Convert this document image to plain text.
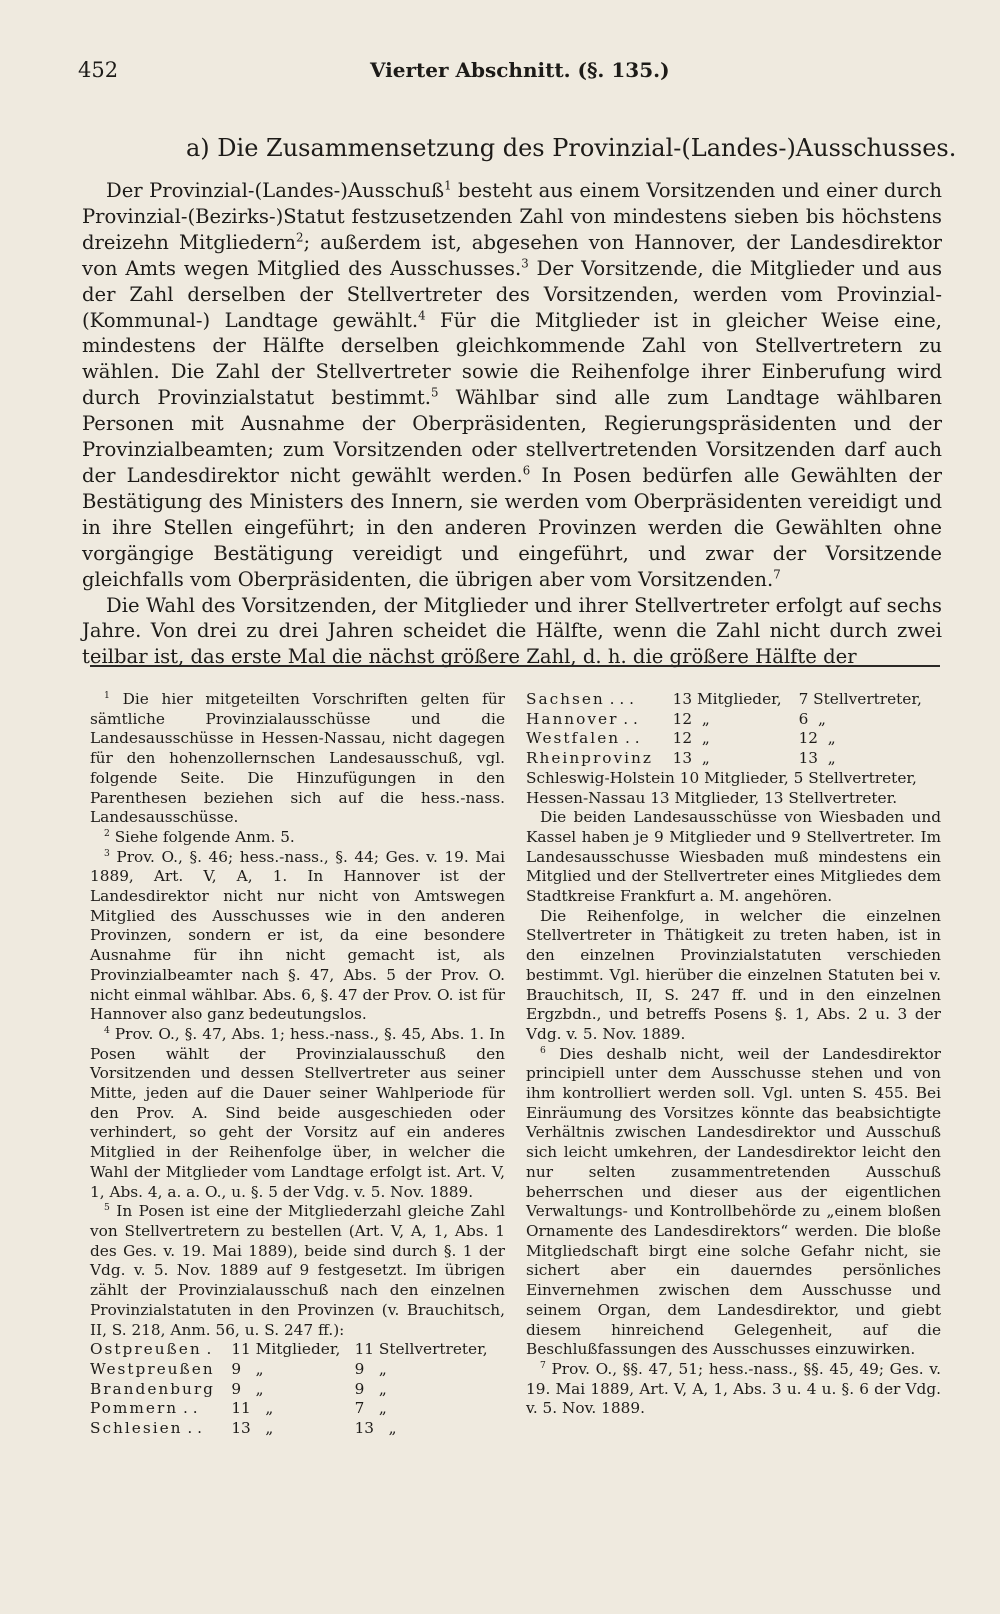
452	Vierter Abschnitt. (§. 135.)
a) Die Zusammensetzung des Provinzial-(Landes-)Ausschusses.

Der Provinzial-(Landes-)Ausschuß$^1$ besteht aus einem Vorsitzenden und einer durch Provinzial-(Bezirks-)Statut festzusetzenden Zahl von mindestens sieben bis höchstens dreizehn Mitgliedern$^2$; außerdem ist, abgesehen von Hannover, der Landesdirektor von Amts wegen Mitglied des Ausschusses.$^3$ Der Vorsitzende, die Mitglieder und aus der Zahl derselben der Stellvertreter des Vorsitzenden, werden vom Provinzial-(Kommunal-) Landtage gewählt.$^4$ Für die Mitglieder ist in gleicher Weise eine, mindestens der Hälfte derselben gleichkommende Zahl von Stellvertretern zu wählen. Die Zahl der Stellvertreter sowie die Reihenfolge ihrer Einberufung wird durch Provinzialstatut bestimmt.$^5$ Wählbar sind alle zum Landtage wählbaren Personen mit Ausnahme der Oberpräsidenten, Regierungspräsidenten und der Provinzialbeamten; zum Vorsitzenden oder stellvertretenden Vorsitzenden darf auch der Landesdirektor nicht gewählt werden.$^6$ In Posen bedürfen alle Gewählten der Bestätigung des Ministers des Innern, sie werden vom Oberpräsidenten vereidigt und in ihre Stellen eingeführt; in den anderen Provinzen werden die Gewählten ohne vorgängige Bestätigung vereidigt und eingeführt, und zwar der Vorsitzende gleichfalls vom Oberpräsidenten, die übrigen aber vom Vorsitzenden.$^7$

Die Wahl des Vorsitzenden, der Mitglieder und ihrer Stellvertreter erfolgt auf sechs Jahre. Von drei zu drei Jahren scheidet die Hälfte, wenn die Zahl nicht durch zwei teilbar ist, das erste Mal die nächst größere Zahl, d. h. die größere Hälfte der

$^1$ Die hier mitgeteilten Vorschriften gelten für sämtliche Provinzialausschüsse und die Landesausschüsse in Hessen-Nassau, nicht dagegen für den hohenzollernschen Landesausschuß, vgl. folgende Seite. Die Hinzufügungen in den Parenthesen beziehen sich auf die hess.-nass. Landesausschüsse.

$^2$ Siehe folgende Anm. 5.

$^3$ Prov. O., §. 46; hess.-nass., §. 44; Ges. v. 19. Mai 1889, Art. V, A, 1. In Hannover ist der Landesdirektor nicht nur nicht von Amtswegen Mitglied des Ausschusses wie in den anderen Provinzen, sondern er ist, da eine besondere Ausnahme für ihn nicht gemacht ist, als Provinzialbeamter nach §. 47, Abs. 5 der Prov. O. nicht einmal wählbar. Abs. 6, §. 47 der Prov. O. ist für Hannover also ganz bedeutungslos.

$^4$ Prov. O., §. 47, Abs. 1; hess.-nass., §. 45, Abs. 1. In Posen wählt der Provinzialausschuß den Vorsitzenden und dessen Stellvertreter aus seiner Mitte, jeden auf die Dauer seiner Wahlperiode für den Prov. A. Sind beide ausgeschieden oder verhindert, so geht der Vorsitz auf ein anderes Mitglied in der Reihenfolge über, in welcher die Wahl der Mitglieder vom Landtage erfolgt ist. Art. V, 1, Abs. 4, a. a. O., u. §. 5 der Vdg. v. 5. Nov. 1889.

$^5$ In Posen ist eine der Mitgliederzahl gleiche Zahl von Stellvertretern zu bestellen (Art. V, A, 1, Abs. 1 des Ges. v. 19. Mai 1889), beide sind durch §. 1 der Vdg. v. 5. Nov. 1889 auf 9 festgesetzt. Im übrigen zählt der Provinzialausschuß nach den einzelnen Provinzialstatuten in den Provinzen (v. Brauchitsch, II, S. 218, Anm. 56, u. S. 247 ff.):

Ostpreußen .	11 Mitglieder,	11 Stellvertreter,
Westpreußen	9 „	9 „
Brandenburg	9 „	9 „
Pommern . .	11 „	7 „
Schlesien . .	13 „	13 „
Sachsen . . .	13 Mitglieder,	7 Stellvertreter,
Hannover . .	12 „	6 „
Westfalen . .	12 „	12 „
Rheinprovinz	13 „	13 „

Schleswig-Holstein 10 Mitglieder, 5 Stellvertreter,

Hessen-Nassau 13 Mitglieder, 13 Stellvertreter.

Die beiden Landesausschüsse von Wiesbaden und Kassel haben je 9 Mitglieder und 9 Stellvertreter. Im Landesausschusse Wiesbaden muß mindestens ein Mitglied und der Stellvertreter eines Mitgliedes dem Stadtkreise Frankfurt a. M. angehören.

Die Reihenfolge, in welcher die einzelnen Stellvertreter in Thätigkeit zu treten haben, ist in den einzelnen Provinzialstatuten verschieden bestimmt. Vgl. hierüber die einzelnen Statuten bei v. Brauchitsch, II, S. 247 ff. und in den einzelnen Ergzbdn., und betreffs Posens §. 1, Abs. 2 u. 3 der Vdg. v. 5. Nov. 1889.

$^6$ Dies deshalb nicht, weil der Landesdirektor principiell unter dem Ausschusse stehen und von ihm kontrolliert werden soll. Vgl. unten S. 455. Bei Einräumung des Vorsitzes könnte das beabsichtigte Verhältnis zwischen Landesdirektor und Ausschuß sich leicht umkehren, der Landesdirektor leicht den nur selten zusammentretenden Ausschuß beherrschen und dieser aus der eigentlichen Verwaltungs- und Kontrollbehörde zu „einem bloßen Ornamente des Landesdirektors“ werden. Die bloße Mitgliedschaft birgt eine solche Gefahr nicht, sie sichert aber ein dauerndes persönliches Einvernehmen zwischen dem Ausschusse und seinem Organ, dem Landesdirektor, und giebt diesem hinreichend Gelegenheit, auf die Beschlußfassungen des Ausschusses einzuwirken.

$^7$ Prov. O., §§. 47, 51; hess.-nass., §§. 45, 49; Ges. v. 19. Mai 1889, Art. V, A, 1, Abs. 3 u. 4 u. §. 6 der Vdg. v. 5. Nov. 1889.
